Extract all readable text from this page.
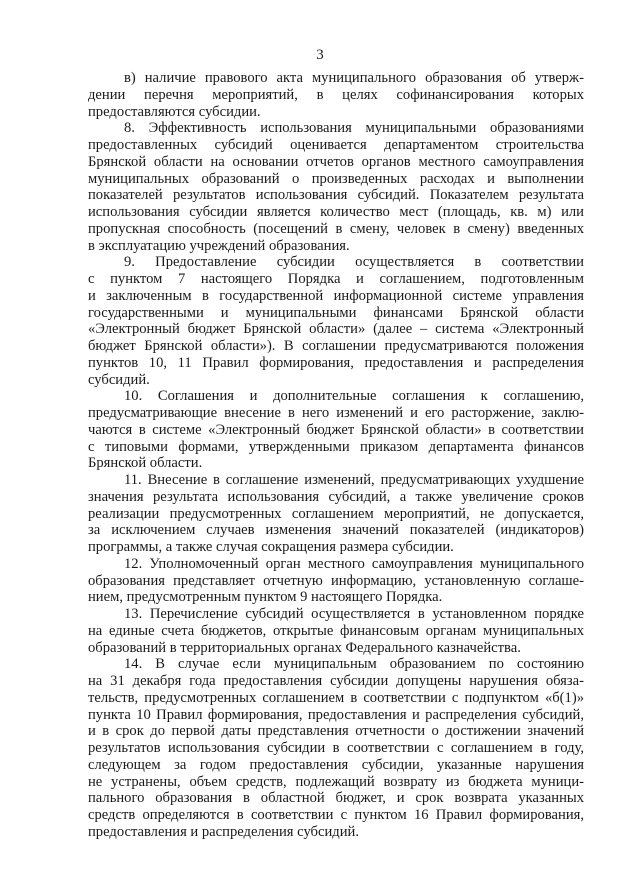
3
в) наличие правового акта муниципального образования об утверж-
дении перечня мероприятий, в целях софинансирования которых
предоставляются субсидии.
8. Эффективность использования муниципальными образованиями
предоставленных субсидий оценивается департаментом строительства
Брянской области на основании отчетов органов местного самоуправления
муниципальных образований о произведенных расходах и выполнении
показателей результатов использования субсидий. Показателем результата
использования субсидии является количество мест (площадь, кв. м) или
пропускная способность (посещений в смену, человек в смену) введенных
в эксплуатацию учреждений образования.
9. Предоставление субсидии осуществляется в соответствии
с пунктом 7 настоящего Порядка и соглашением, подготовленным
и заключенным в государственной информационной системе управления
государственными и муниципальными финансами Брянской области
«Электронный бюджет Брянской области» (далее – система «Электронный
бюджет Брянской области»). В соглашении предусматриваются положения
пунктов 10, 11 Правил формирования, предоставления и распределения
субсидий.
10. Соглашения и дополнительные соглашения к соглашению,
предусматривающие внесение в него изменений и его расторжение, заклю-
чаются в системе «Электронный бюджет Брянской области» в соответствии
с типовыми формами, утвержденными приказом департамента финансов
Брянской области.
11. Внесение в соглашение изменений, предусматривающих ухудшение
значения результата использования субсидий, а также увеличение сроков
реализации предусмотренных соглашением мероприятий, не допускается,
за исключением случаев изменения значений показателей (индикаторов)
программы, а также случая сокращения размера субсидии.
12. Уполномоченный орган местного самоуправления муниципального
образования представляет отчетную информацию, установленную соглаше-
нием, предусмотренным пунктом 9 настоящего Порядка.
13. Перечисление субсидий осуществляется в установленном порядке
на единые счета бюджетов, открытые финансовым органам муниципальных
образований в территориальных органах Федерального казначейства.
14. В случае если муниципальным образованием по состоянию
на 31 декабря года предоставления субсидии допущены нарушения обяза-
тельств, предусмотренных соглашением в соответствии с подпунктом «б(1)»
пункта 10 Правил формирования, предоставления и распределения субсидий,
и в срок до первой даты представления отчетности о достижении значений
результатов использования субсидии в соответствии с соглашением в году,
следующем за годом предоставления субсидии, указанные нарушения
не устранены, объем средств, подлежащий возврату из бюджета муници-
пального образования в областной бюджет, и срок возврата указанных
средств определяются в соответствии с пунктом 16 Правил формирования,
предоставления и распределения субсидий.
